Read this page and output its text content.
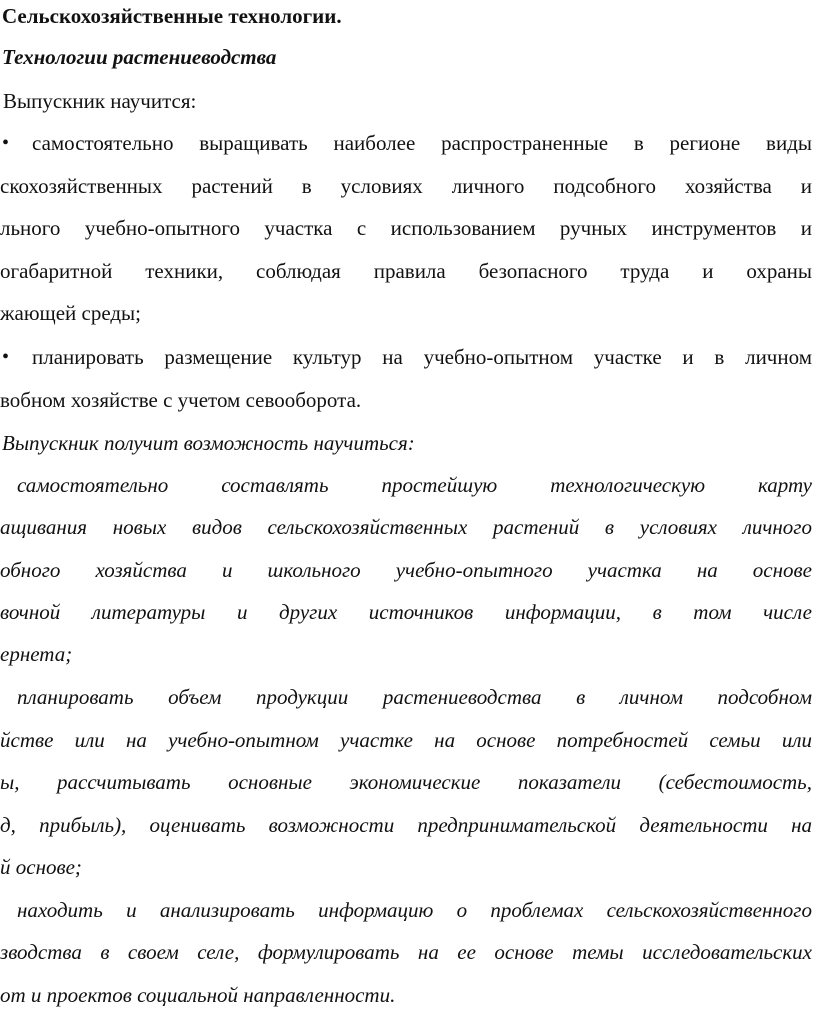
Сельскохозяйственные технологии.
Технологии растениеводства
Выпускник научится:
• самостоятельно выращивать наиболее распространенные в регионе виды
скохозяйственных растений в условиях личного подсобного хозяйства и
льного учебно-опытного участка с использованием ручных инструментов и
огабаритной техники, соблюдая правила безопасного труда и охраны
жающей среды;
• планировать размещение культур на учебно-опытном участке и в личном
вобном хозяйстве с учетом севооборота.
Выпускник получит возможность научиться:
самостоятельно составлять простейшую технологическую карту
ащивания новых видов сельскохозяйственных растений в условиях личного
обного хозяйства и школьного учебно-опытного участка на основе
вочной литературы и других источников информации, в том числе
ернета;
планировать объем продукции растениеводства в личном подсобном
йстве или на учебно-опытном участке на основе потребностей семьи или
ы, рассчитывать основные экономические показатели (себестоимость,
д, прибыль), оценивать возможности предпринимательской деятельности на
й основе;
находить и анализировать информацию о проблемах сельскохозяйственного
зводства в своем селе, формулировать на ее основе темы исследовательских
от и проектов социальной направленности.
